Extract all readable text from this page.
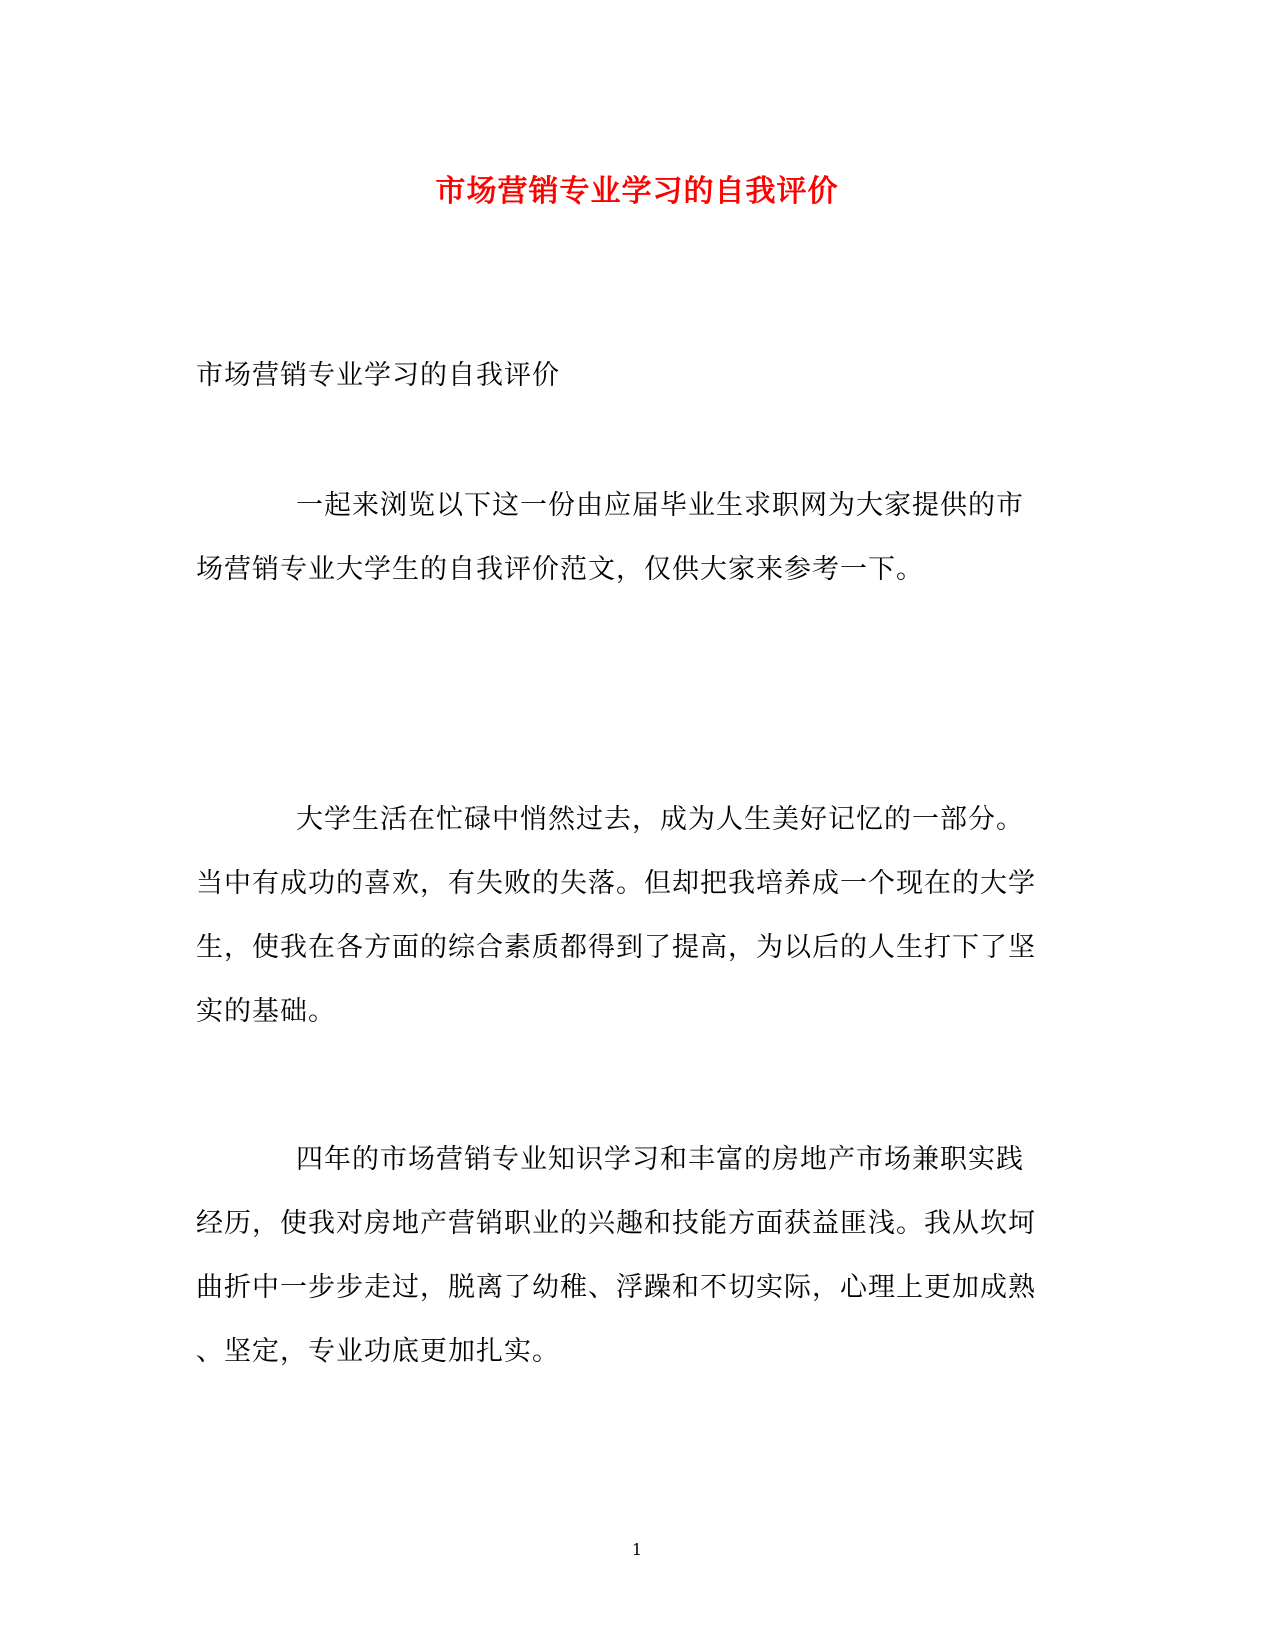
市场营销专业学习的自我评价
市场营销专业学习的自我评价
一起来浏览以下这一份由应届毕业生求职网为大家提供的市
场营销专业大学生的自我评价范文，仅供大家来参考一下。
大学生活在忙碌中悄然过去，成为人生美好记忆的一部分。
当中有成功的喜欢，有失败的失落。但却把我培养成一个现在的大学
生，使我在各方面的综合素质都得到了提高，为以后的人生打下了坚
实的基础。
四年的市场营销专业知识学习和丰富的房地产市场兼职实践
经历，使我对房地产营销职业的兴趣和技能方面获益匪浅。我从坎坷
曲折中一步步走过，脱离了幼稚、浮躁和不切实际，心理上更加成熟
、坚定，专业功底更加扎实。
1
